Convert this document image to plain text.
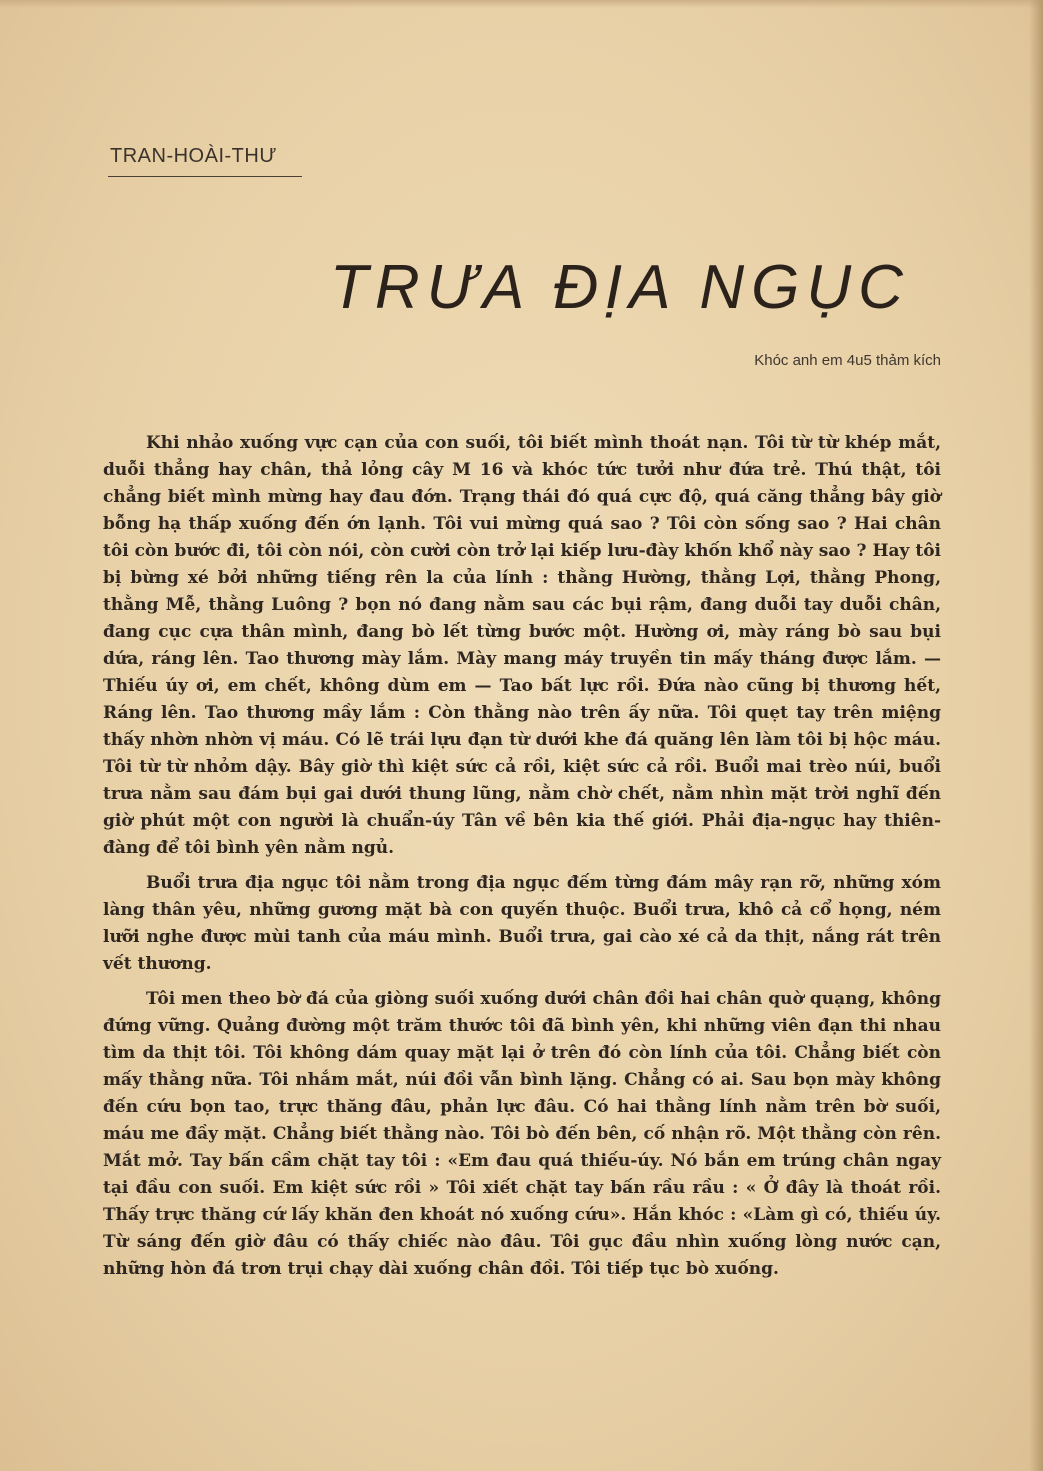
TRAN-HOÀI-THƯ
TRƯA ĐỊA NGỤC
Khóc anh em 4u5 thảm kích

Khi nhảo xuống vực cạn của con suối, tôi biết mình thoát nạn. Tôi từ từ khép mắt, duỗi thẳng hay chân, thả lỏng cây M 16 và khóc tức tưởi như đứa trẻ. Thú thật, tôi chẳng biết mình mừng hay đau đớn. Trạng thái đó quá cực độ, quá căng thẳng bây giờ bỗng hạ thấp xuống đến ớn lạnh. Tôi vui mừng quá sao ? Tôi còn sống sao ? Hai chân tôi còn bước đi, tôi còn nói, còn cười còn trở lại kiếp lưu-đày khốn khổ này sao ? Hay tôi bị bừng xé bởi những tiếng rên la của lính : thằng Hường, thằng Lợi, thằng Phong, thằng Mễ, thằng Luông ? bọn nó đang nằm sau các bụi rậm, đang duỗi tay duỗi chân, đang cục cựa thân mình, đang bò lết từng bước một. Hường ơi, mày ráng bò sau bụi dứa, ráng lên. Tao thương mày lắm. Mày mang máy truyền tin mấy tháng được lắm. — Thiếu úy ơi, em chết, không dùm em — Tao bất lực rồi. Đứa nào cũng bị thương hết, Ráng lên. Tao thương mầy lắm : Còn thằng nào trên ấy nữa. Tôi quẹt tay trên miệng thấy nhờn nhờn vị máu. Có lẽ trái lựu đạn từ dưới khe đá quăng lên làm tôi bị hộc máu. Tôi từ từ nhỏm dậy. Bây giờ thì kiệt sức cả rồi, kiệt sức cả rồi. Buổi mai trèo núi, buổi trưa nằm sau đám bụi gai dưới thung lũng, nằm chờ chết, nằm nhìn mặt trời nghĩ đến giờ phút một con người là chuẩn-úy Tân về bên kia thế giới. Phải địa-ngục hay thiên-đàng để tôi bình yên nằm ngủ.

Buổi trưa địa ngục tôi nằm trong địa ngục đếm từng đám mây rạn rỡ, những xóm làng thân yêu, những gương mặt bà con quyến thuộc. Buổi trưa, khô cả cổ họng, ném lưỡi nghe được mùi tanh của máu mình. Buổi trưa, gai cào xé cả da thịt, nắng rát trên vết thương.

Tôi men theo bờ đá của giòng suối xuống dưới chân đồi hai chân quờ quạng, không đứng vững. Quảng đường một trăm thước tôi đã bình yên, khi những viên đạn thi nhau tìm da thịt tôi. Tôi không dám quay mặt lại ở trên đó còn lính của tôi. Chẳng biết còn mấy thằng nữa. Tôi nhắm mắt, núi đồi vẫn bình lặng. Chẳng có ai. Sau bọn mày không đến cứu bọn tao, trực thăng đâu, phản lực đâu. Có hai thằng lính nằm trên bờ suối, máu me đầy mặt. Chẳng biết thằng nào. Tôi bò đến bên, cố nhận rõ. Một thằng còn rên. Mắt mở. Tay bấn cầm chặt tay tôi : «Em đau quá thiếu-úy. Nó bắn em trúng chân ngay tại đầu con suối. Em kiệt sức rồi » Tôi xiết chặt tay bấn rầu rầu : « Ở đây là thoát rồi. Thấy trực thăng cứ lấy khăn đen khoát nó xuống cứu». Hắn khóc : «Làm gì có, thiếu úy. Từ sáng đến giờ đâu có thấy chiếc nào đâu. Tôi gục đầu nhìn xuống lòng nước cạn, những hòn đá trơn trụi chạy dài xuống chân đồi. Tôi tiếp tục bò xuống.
